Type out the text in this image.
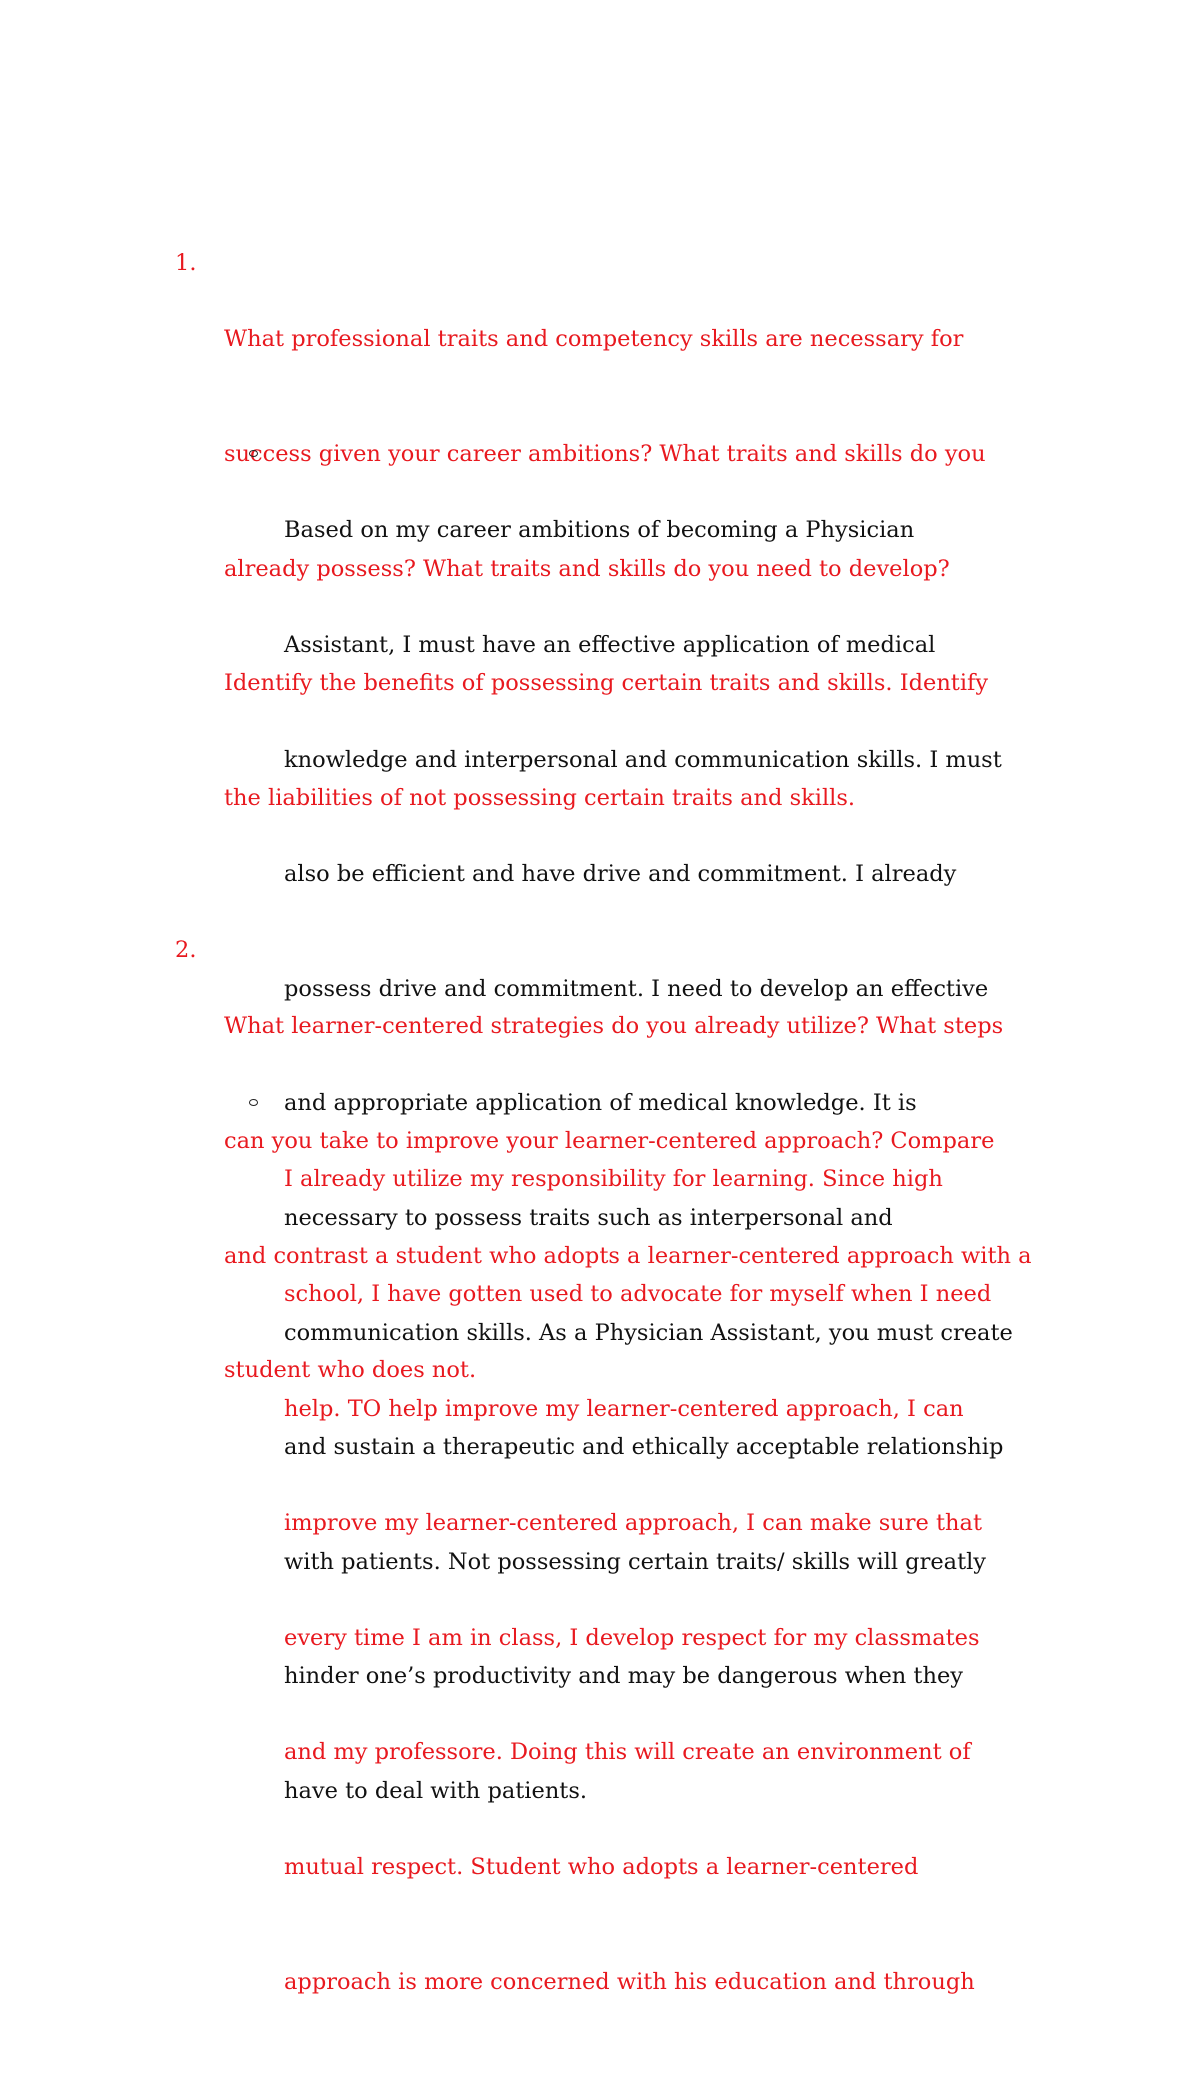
1.

What professional traits and competency skills are necessary for

success given your career ambitions? What traits and skills do you

already possess? What traits and skills do you need to develop?

Identify the benefits of possessing certain traits and skills. Identify

the liabilities of not possessing certain traits and skills.

Based on my career ambitions of becoming a Physician

Assistant, I must have an effective application of medical

knowledge and interpersonal and communication skills. I must

also be efficient and have drive and commitment. I already

possess drive and commitment. I need to develop an effective

and appropriate application of medical knowledge. It is

necessary to possess traits such as interpersonal and

communication skills. As a Physician Assistant, you must create

and sustain a therapeutic and ethically acceptable relationship

with patients. Not possessing certain traits/ skills will greatly

hinder one’s productivity and may be dangerous when they

have to deal with patients.

2.

What learner-centered strategies do you already utilize? What steps

can you take to improve your learner-centered approach? Compare

and contrast a student who adopts a learner-centered approach with a

student who does not.

I already utilize my responsibility for learning. Since high

school, I have gotten used to advocate for myself when I need

help. TO help improve my learner-centered approach, I can

improve my learner-centered approach, I can make sure that

every time I am in class, I develop respect for my classmates

and my professore. Doing this will create an environment of

mutual respect. Student who adopts a learner-centered

approach is more concerned with his education and through
